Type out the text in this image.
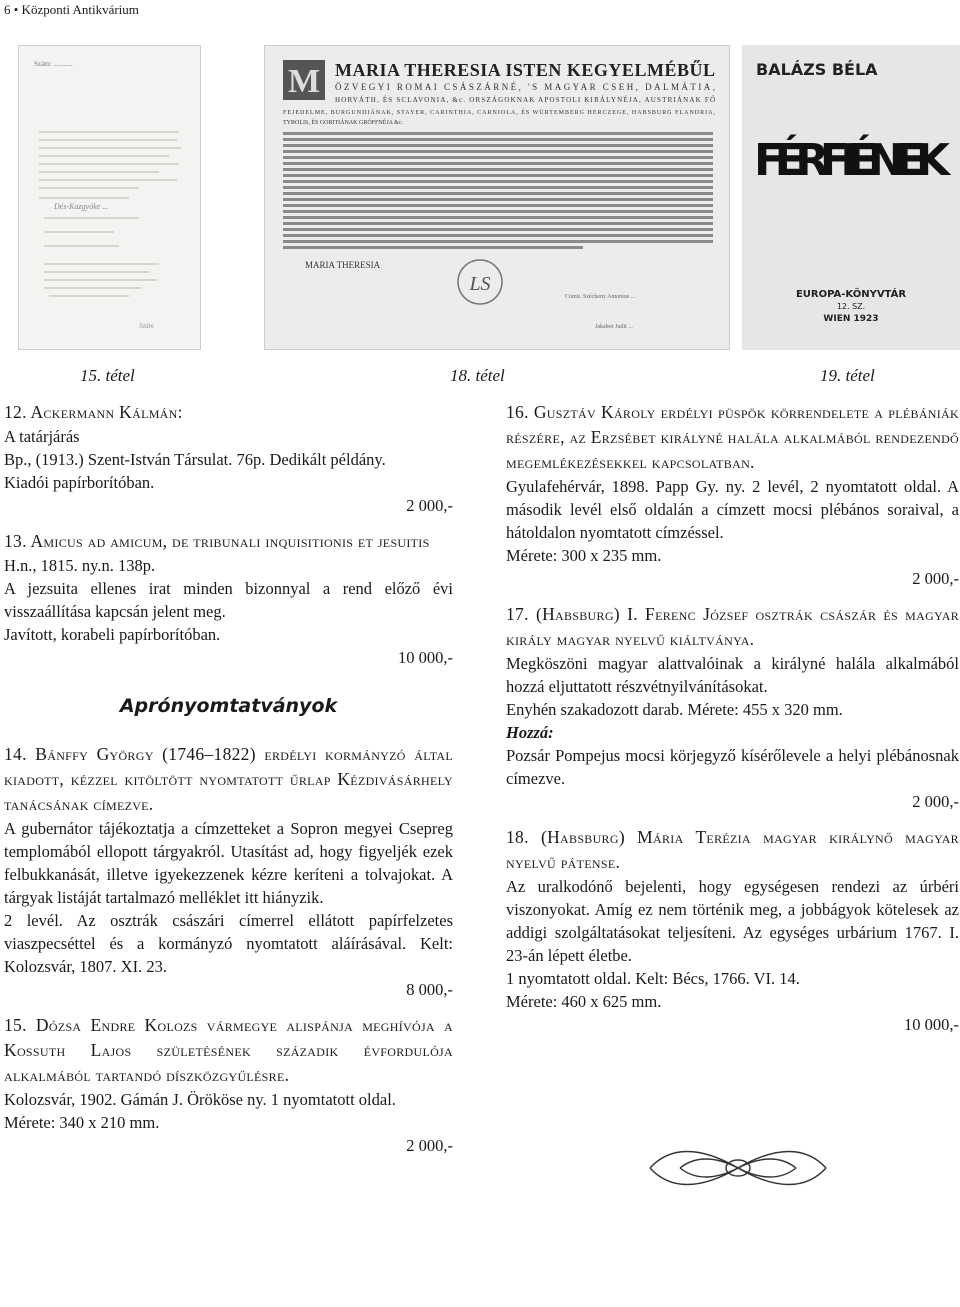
6 • Központi Antikvárium
Szám: ...........
Dés-Kazgyöke ...
Szám
M MARIA THERESIA ISTEN KEGYELMÉBŰL
ÖZVEGYI ROMAI CSÁSZÁRNÉ, 'S MAGYAR CSEH, DALMÁTIA,
HORVÁTH, ÉS SCLAVONIA, &c. ORSZÁGOKNAK APOSTOLI KIRÁLYNÉJA, AUSTRIÁNAK FŐ
FEJEDELME, BURGUNDIÁNAK, STAYER, CARINTHIA, CARNIOLA, ÉS WÜRTEMBERG HERCZEGE, HABSBURG FLANDRIA,
TYROLIS, ÉS GORITIÁNAK GRÓFFNÉJA &c.
MARIA THERESIA
LS
Comit. Szécheny Antonius ...
Jakabor Judit ...
BALÁZS BÉLA
FÉRFIÉNEK
EUROPA-KÖNYVTÁR
12. SZ.
WIEN 1923
15. tétel	18. tétel	19. tétel

12. Ackermann Kálmán:

A tatárjárás

Bp., (1913.) Szent-István Társulat. 76p. Dedikált példány.

Kiadói papírborítóban.

2 000,-

13. Amicus ad amicum, de tribunali inquisitionis et jesuitis

H.n., 1815. ny.n. 138p.

A jezsuita ellenes irat minden bizonnyal a rend előző évi visszaállítása kapcsán jelent meg.

Javított, korabeli papírborítóban.

10 000,-

Aprónyomtatványok

14. Bánffy György (1746–1822) erdélyi kormányzó által kiadott, kézzel kitöltött nyomtatott űrlap Kézdivásárhely tanácsának címezve.

A gubernátor tájékoztatja a címzetteket a Sopron megyei Csepreg templomából ellopott tárgyakról. Utasítást ad, hogy figyeljék ezek felbukkanását, illetve igyekezzenek kézre keríteni a tolvajokat. A tárgyak listáját tartalmazó melléklet itt hiányzik.

2 levél. Az osztrák császári címerrel ellátott papírfelzetes viaszpecséttel és a kormányzó nyomtatott aláírásával. Kelt: Kolozsvár, 1807. XI. 23.

8 000,-

15. Dózsa Endre Kolozs vármegye alispánja meghívója a Kossuth Lajos születésének századik évfordulója alkalmából tartandó díszközgyűlésre.

Kolozsvár, 1902. Gámán J. Örököse ny. 1 nyomtatott oldal.

Mérete: 340 x 210 mm.

2 000,-

16. Gusztáv Károly erdélyi püspök körrendelete a plébániák részére, az Erzsébet királyné halála alkalmából rendezendő megemlékezésekkel kapcsolatban.

Gyulafehérvár, 1898. Papp Gy. ny. 2 levél, 2 nyomtatott oldal. A második levél első oldalán a címzett mocsi plébános soraival, a hátoldalon nyomtatott címzéssel.

Mérete: 300 x 235 mm.

2 000,-

17. (Habsburg) I. Ferenc József osztrák császár és magyar király magyar nyelvű kiáltványa.

Megköszöni magyar alattvalóinak a királyné halála alkalmából hozzá eljuttatott részvétnyilvánításokat.

Enyhén szakadozott darab. Mérete: 455 x 320 mm.

Hozzá:

Pozsár Pompejus mocsi körjegyző kísérőlevele a helyi plébánosnak címezve.

2 000,-

18. (Habsburg) Mária Terézia magyar királynő magyar nyelvű pátense.

Az uralkodónő bejelenti, hogy egységesen rendezi az úrbéri viszonyokat. Amíg ez nem történik meg, a jobbágyok kötelesek az addigi szolgáltatásokat teljesíteni. Az egységes urbárium 1767. I. 23-án lépett életbe.

1 nyomtatott oldal. Kelt: Bécs, 1766. VI. 14.

Mérete: 460 x 625 mm.

10 000,-
